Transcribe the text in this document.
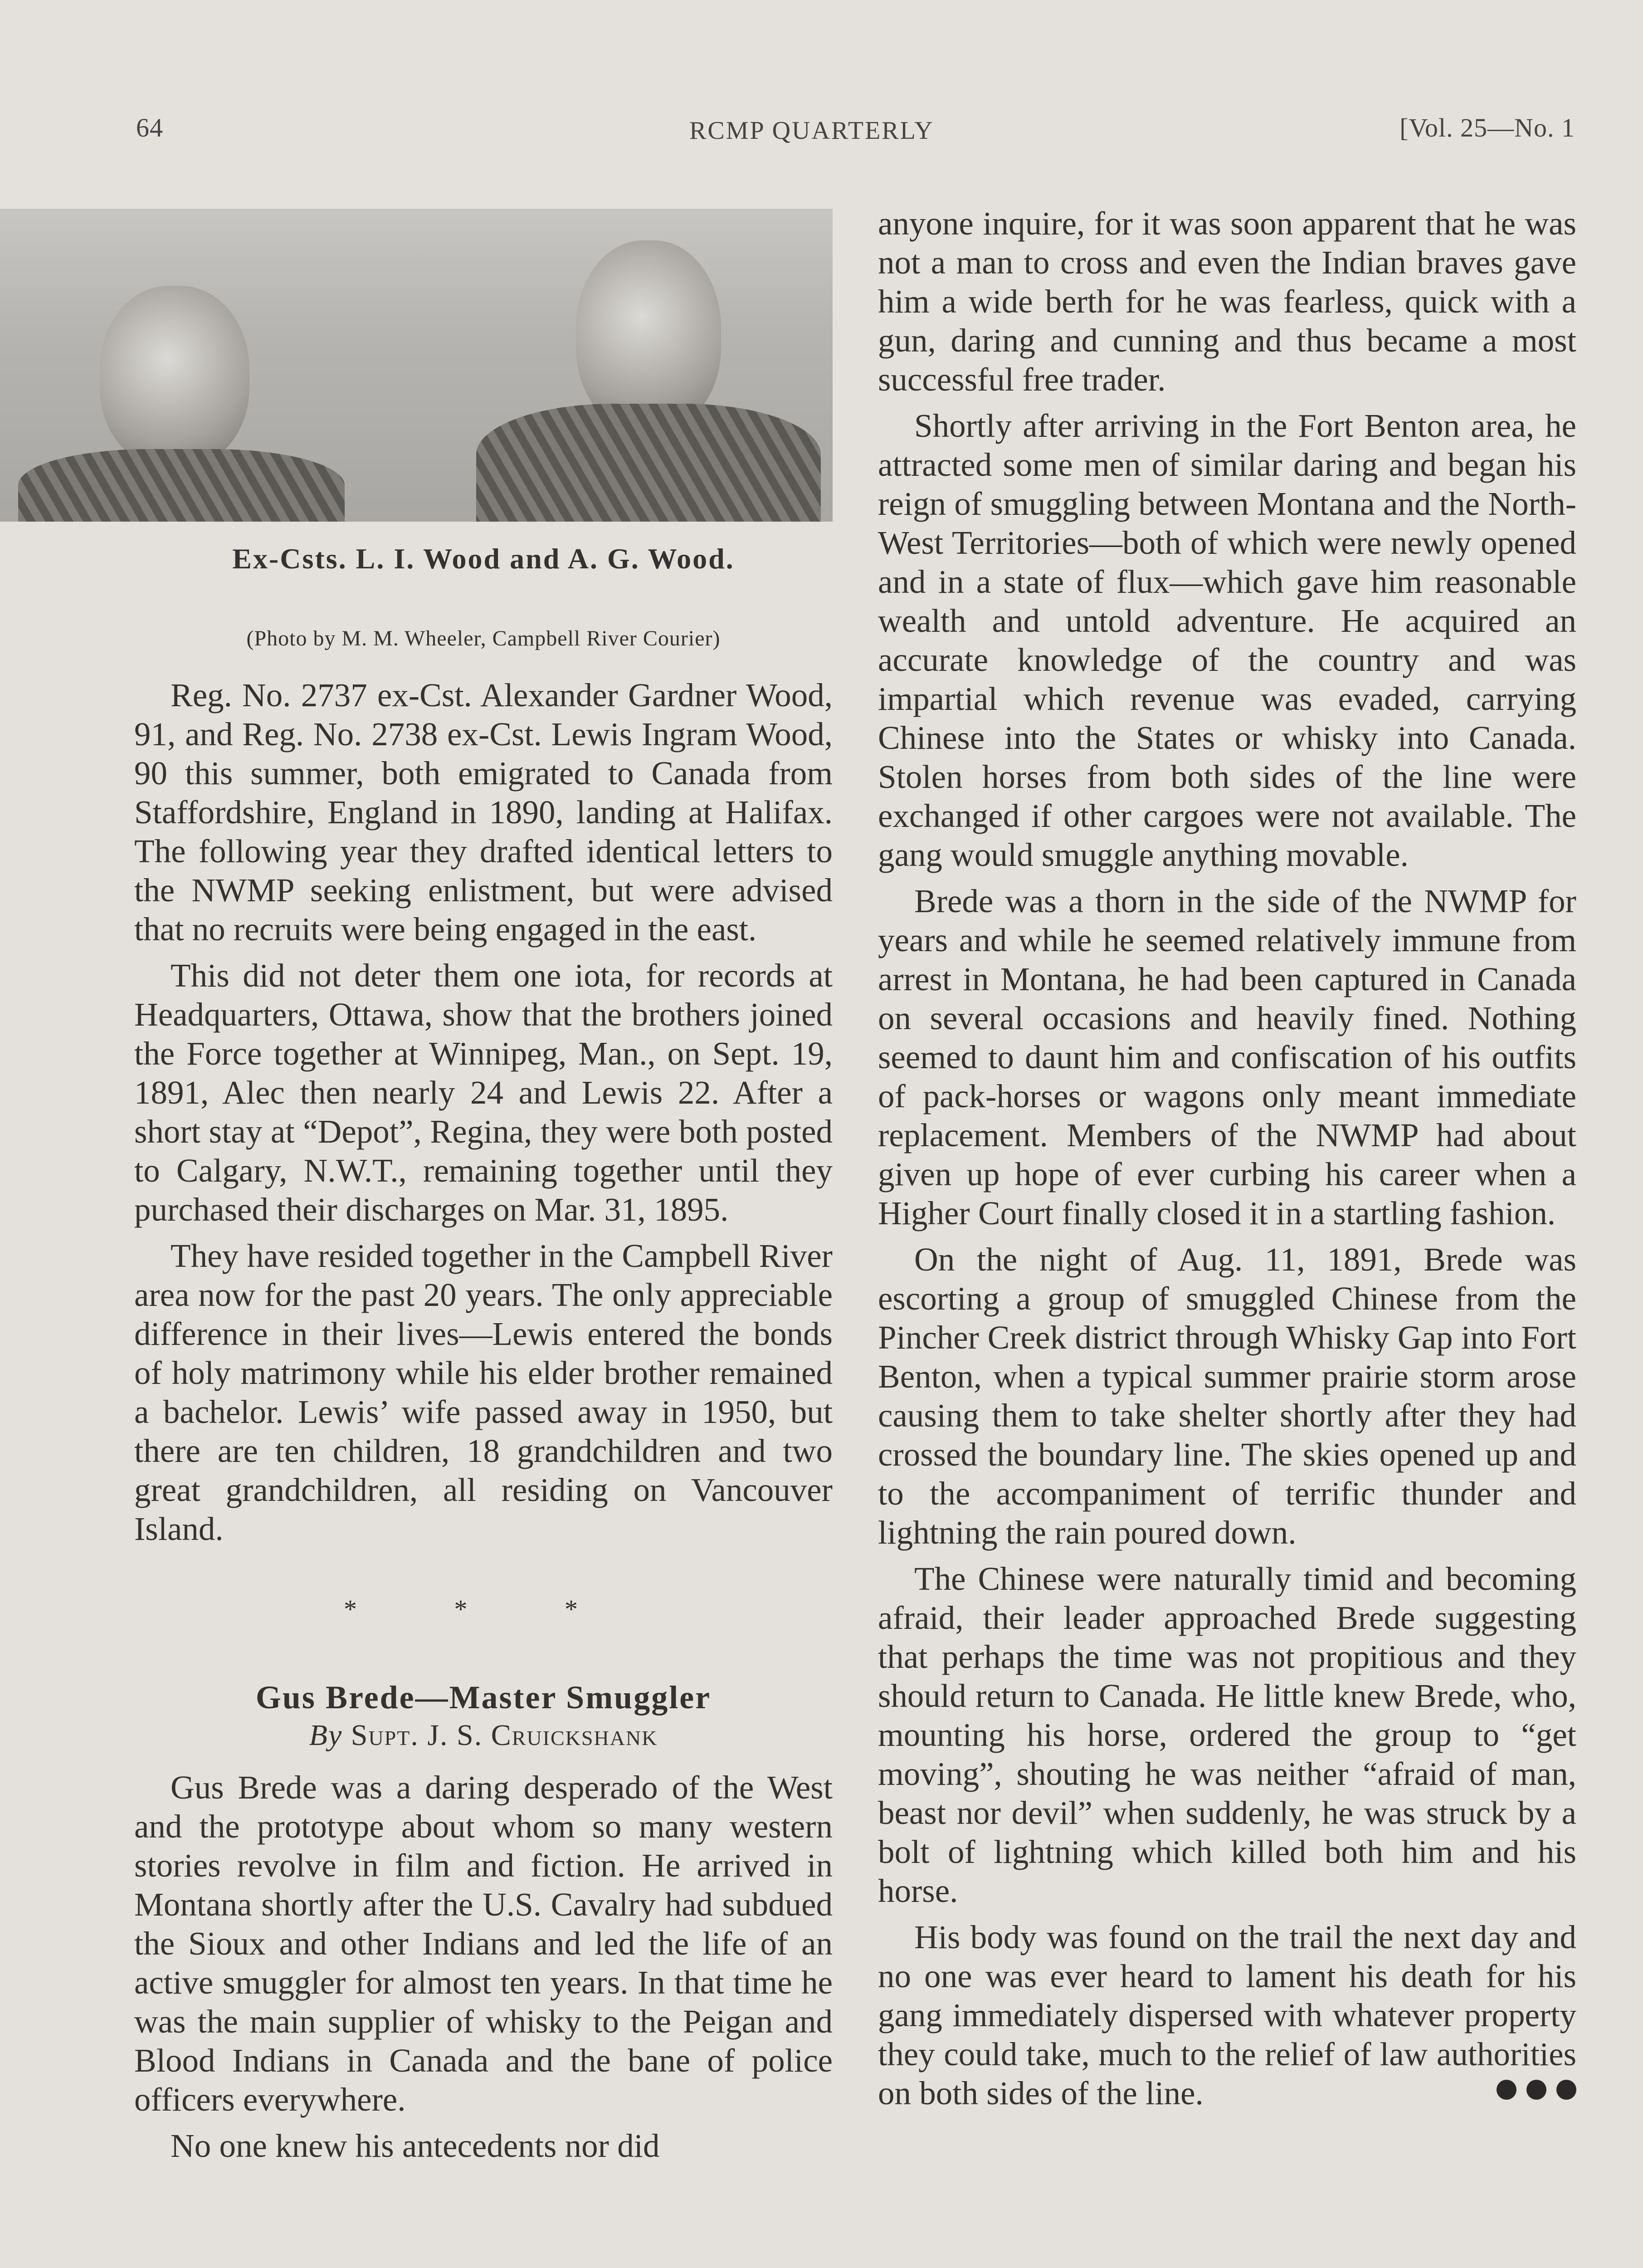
64	RCMP QUARTERLY	[Vol. 25—No. 1
Ex-Csts. L. I. Wood and A. G. Wood.
(Photo by M. M. Wheeler, Campbell River Courier)

Reg. No. 2737 ex-Cst. Alexander Gardner Wood, 91, and Reg. No. 2738 ex-Cst. Lewis Ingram Wood, 90 this summer, both emigrated to Canada from Staffordshire, England in 1890, landing at Halifax. The following year they drafted identical letters to the NWMP seeking enlistment, but were advised that no recruits were being engaged in the east.

This did not deter them one iota, for records at Headquarters, Ottawa, show that the brothers joined the Force together at Winnipeg, Man., on Sept. 19, 1891, Alec then nearly 24 and Lewis 22. After a short stay at “Depot”, Regina, they were both posted to Calgary, N.W.T., remaining together until they purchased their discharges on Mar. 31, 1895.

They have resided together in the Campbell River area now for the past 20 years. The only appreciable difference in their lives—Lewis entered the bonds of holy matrimony while his elder brother remained a bachelor. Lewis’ wife passed away in 1950, but there are ten children, 18 grandchildren and two great grandchildren, all residing on Vancouver Island.

* * *
Gus Brede—Master Smuggler
By Supt. J. S. Cruickshank

Gus Brede was a daring desperado of the West and the prototype about whom so many western stories revolve in film and fiction. He arrived in Montana shortly after the U.S. Cavalry had subdued the Sioux and other Indians and led the life of an active smuggler for almost ten years. In that time he was the main supplier of whisky to the Peigan and Blood Indians in Canada and the bane of police officers everywhere.

No one knew his antecedents nor did

anyone inquire, for it was soon apparent that he was not a man to cross and even the Indian braves gave him a wide berth for he was fearless, quick with a gun, daring and cunning and thus became a most successful free trader.

Shortly after arriving in the Fort Benton area, he attracted some men of similar daring and began his reign of smuggling between Montana and the North-West Territories—both of which were newly opened and in a state of flux—which gave him reasonable wealth and untold adventure. He acquired an accurate knowledge of the country and was impartial which revenue was evaded, carrying Chinese into the States or whisky into Canada. Stolen horses from both sides of the line were exchanged if other cargoes were not available. The gang would smuggle anything movable.

Brede was a thorn in the side of the NWMP for years and while he seemed relatively immune from arrest in Montana, he had been captured in Canada on several occasions and heavily fined. Nothing seemed to daunt him and confiscation of his outfits of pack-horses or wagons only meant immediate replacement. Members of the NWMP had about given up hope of ever curbing his career when a Higher Court finally closed it in a startling fashion.

On the night of Aug. 11, 1891, Brede was escorting a group of smuggled Chinese from the Pincher Creek district through Whisky Gap into Fort Benton, when a typical summer prairie storm arose causing them to take shelter shortly after they had crossed the boundary line. The skies opened up and to the accompaniment of terrific thunder and lightning the rain poured down.

The Chinese were naturally timid and becoming afraid, their leader approached Brede suggesting that perhaps the time was not propitious and they should return to Canada. He little knew Brede, who, mounting his horse, ordered the group to “get moving”, shouting he was neither “afraid of man, beast nor devil” when suddenly, he was struck by a bolt of lightning which killed both him and his horse.

His body was found on the trail the next day and no one was ever heard to lament his death for his gang immediately dispersed with whatever property they could take, much to the relief of law authorities on both sides of the line.
